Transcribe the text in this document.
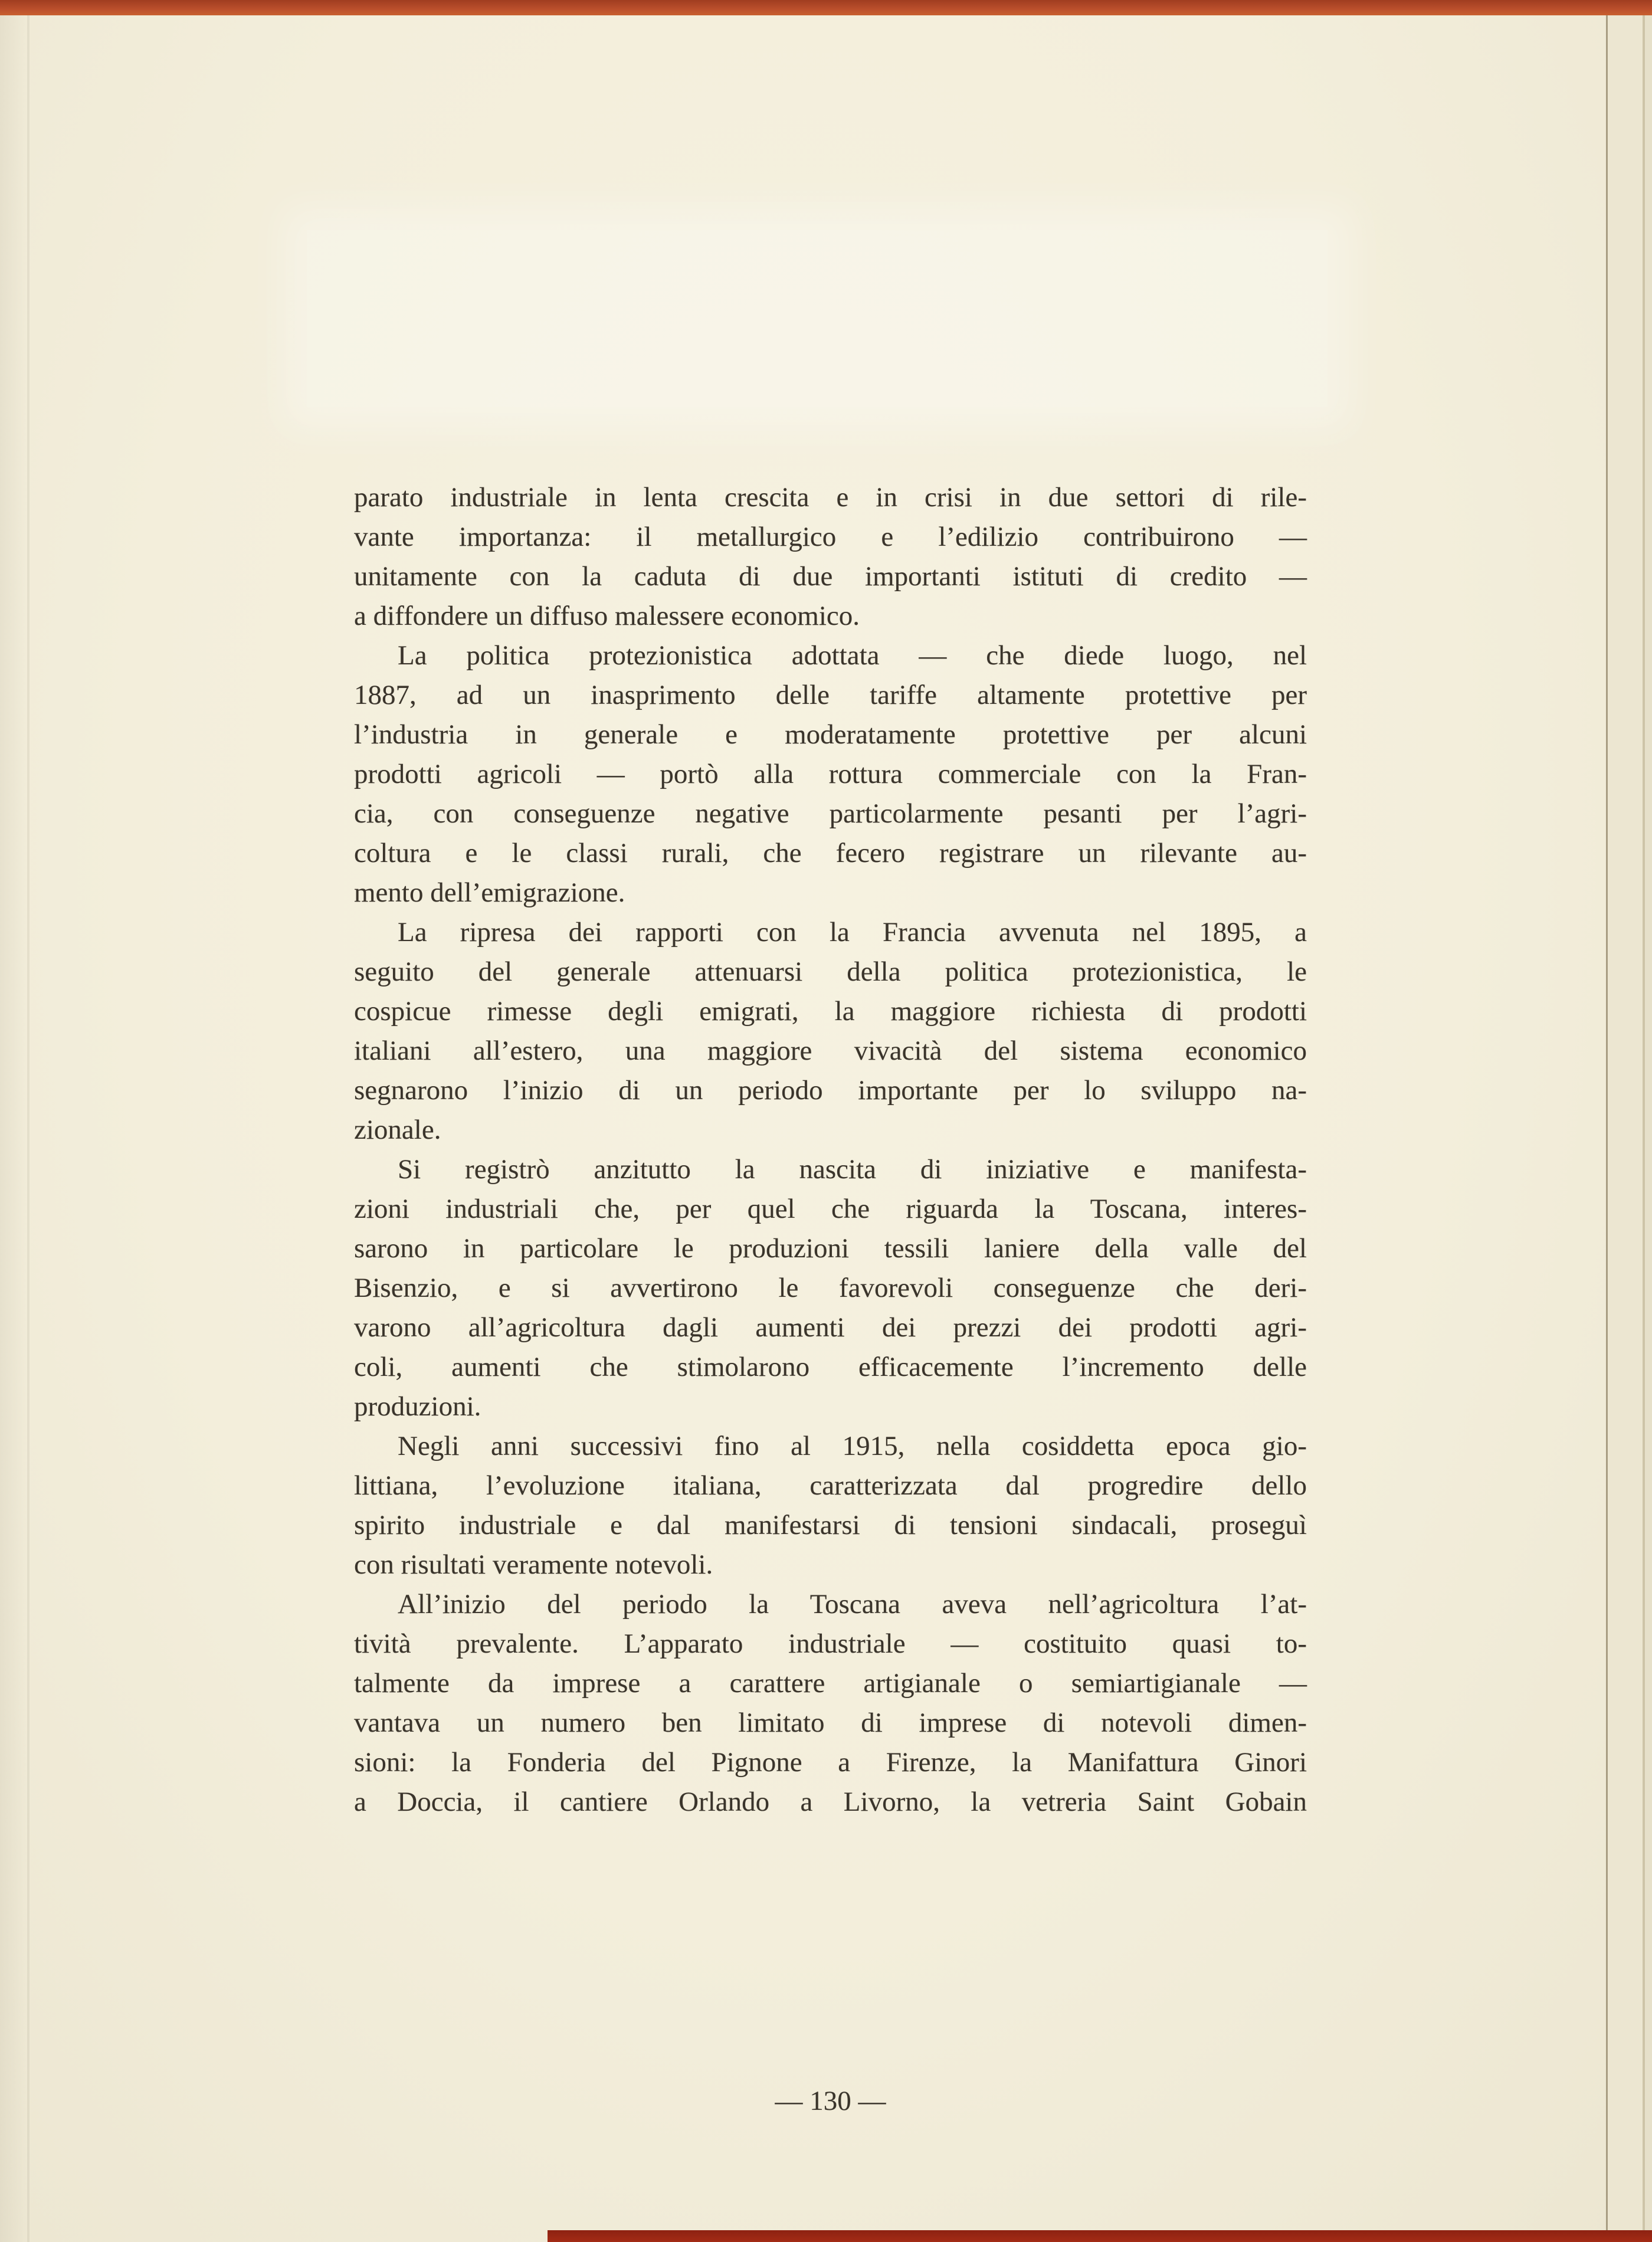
parato industriale in lenta crescita e in crisi in due settori di rile-
vante importanza: il metallurgico e l’edilizio contribuirono —
unitamente con la caduta di due importanti istituti di credito —
a diffondere un diffuso malessere economico.
La politica protezionistica adottata — che diede luogo, nel
1887, ad un inasprimento delle tariffe altamente protettive per
l’industria in generale e moderatamente protettive per alcuni
prodotti agricoli — portò alla rottura commerciale con la Fran-
cia, con conseguenze negative particolarmente pesanti per l’agri-
coltura e le classi rurali, che fecero registrare un rilevante au-
mento dell’emigrazione.
La ripresa dei rapporti con la Francia avvenuta nel 1895, a
seguito del generale attenuarsi della politica protezionistica, le
cospicue rimesse degli emigrati, la maggiore richiesta di prodotti
italiani all’estero, una maggiore vivacità del sistema economico
segnarono l’inizio di un periodo importante per lo sviluppo na-
zionale.
Si registrò anzitutto la nascita di iniziative e manifesta-
zioni industriali che, per quel che riguarda la Toscana, interes-
sarono in particolare le produzioni tessili laniere della valle del
Bisenzio, e si avvertirono le favorevoli conseguenze che deri-
varono all’agricoltura dagli aumenti dei prezzi dei prodotti agri-
coli, aumenti che stimolarono efficacemente l’incremento delle
produzioni.
Negli anni successivi fino al 1915, nella cosiddetta epoca gio-
littiana, l’evoluzione italiana, caratterizzata dal progredire dello
spirito industriale e dal manifestarsi di tensioni sindacali, proseguì
con risultati veramente notevoli.
All’inizio del periodo la Toscana aveva nell’agricoltura l’at-
tività prevalente. L’apparato industriale — costituito quasi to-
talmente da imprese a carattere artigianale o semiartigianale —
vantava un numero ben limitato di imprese di notevoli dimen-
sioni: la Fonderia del Pignone a Firenze, la Manifattura Ginori
a Doccia, il cantiere Orlando a Livorno, la vetreria Saint Gobain
— 130 —
